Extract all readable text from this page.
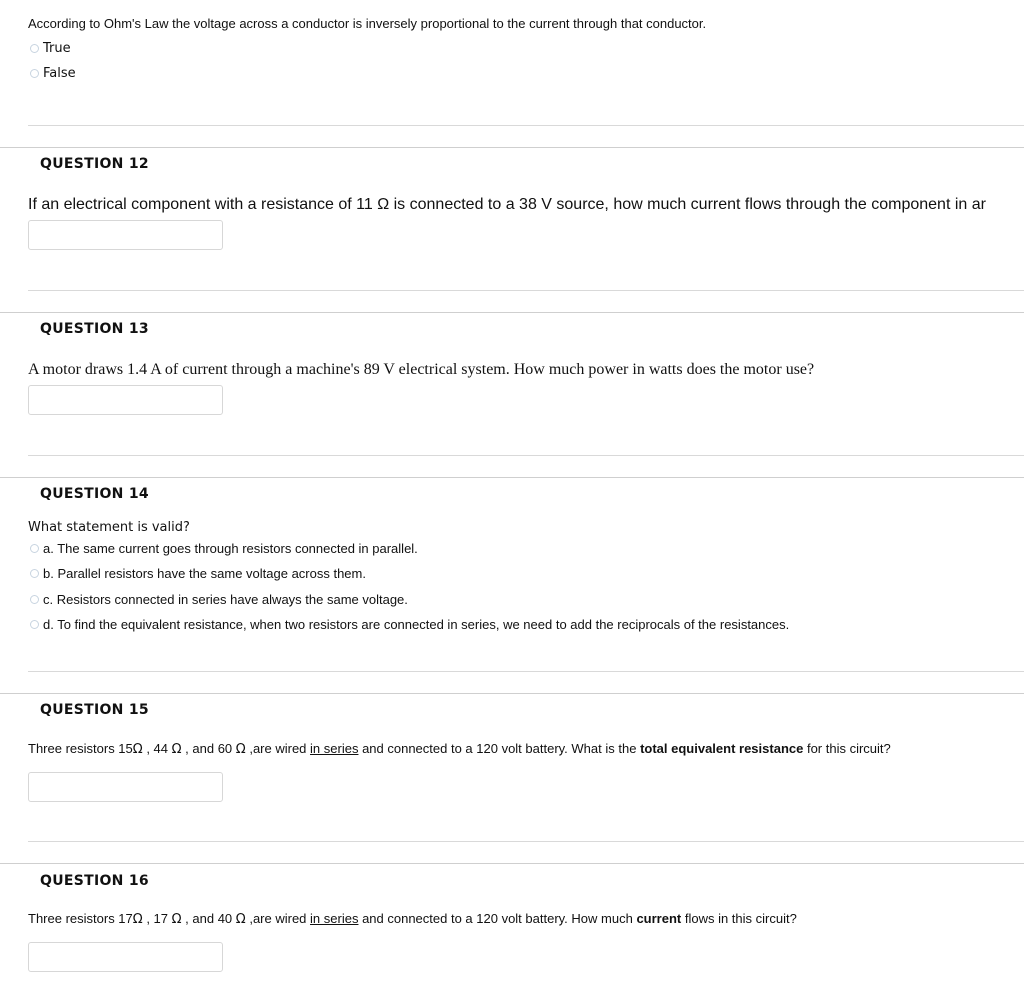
According to Ohm's Law the voltage across a conductor is inversely proportional to the current through that conductor.
True
False
QUESTION 12
If an electrical component with a resistance of 11 Ω is connected to a 38 V source, how much current flows through the component in ar
QUESTION 13
A motor draws 1.4 A of current through a machine's 89 V electrical system. How much power in watts does the motor use?
QUESTION 14
What statement is valid?
a. The same current goes through resistors connected in parallel.
b. Parallel resistors have the same voltage across them.
c. Resistors connected in series have always the same voltage.
d. To find the equivalent resistance, when two resistors are connected in series, we need to add the reciprocals of the resistances.
QUESTION 15
Three resistors 15Ω , 44 Ω , and 60 Ω ,are wired in series and connected to a 120 volt battery. What is the total equivalent resistance for this circuit?
QUESTION 16
Three resistors 17Ω , 17 Ω , and 40 Ω ,are wired in series and connected to a 120 volt battery. How much current flows in this circuit?
